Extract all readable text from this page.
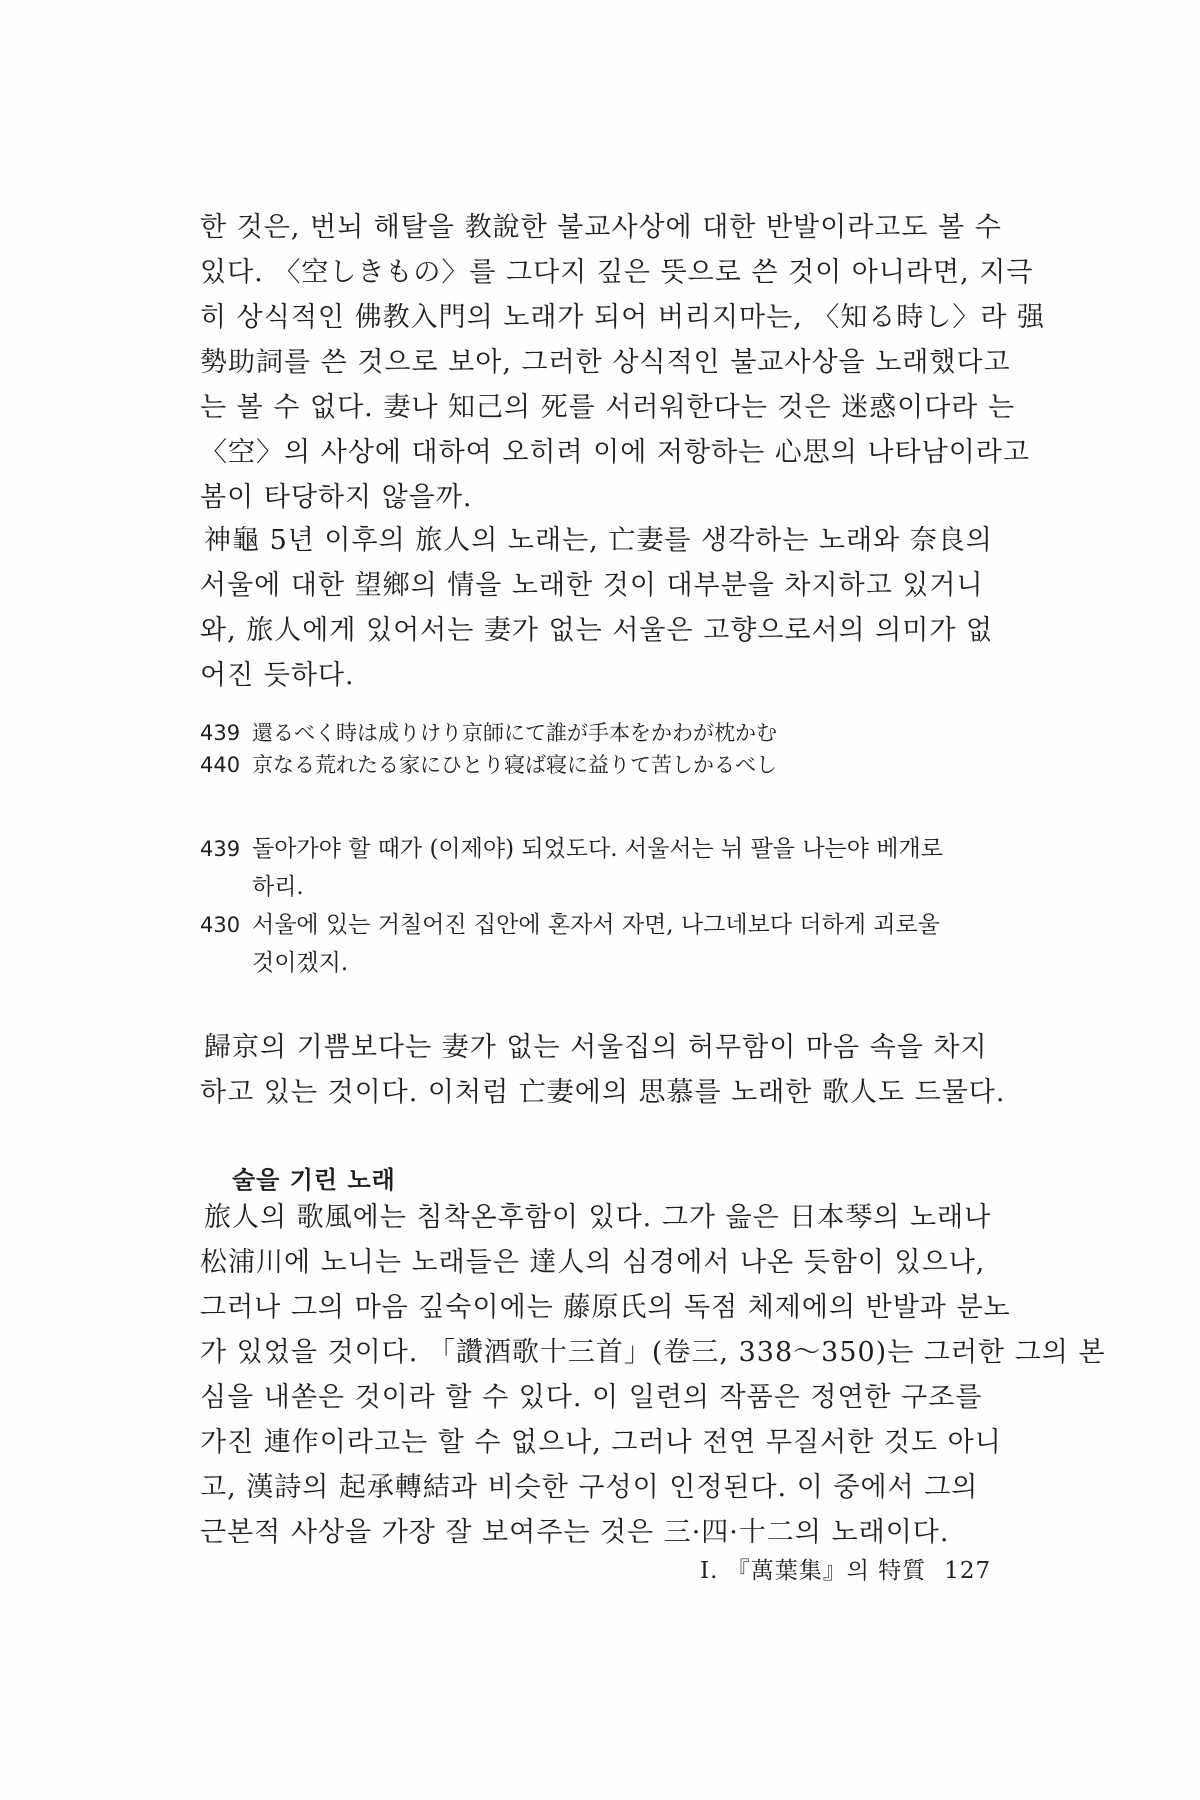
한 것은, 번뇌 해탈을 教說한 불교사상에 대한 반발이라고도 볼 수
있다. 〈空しきもの〉를 그다지 깊은 뜻으로 쓴 것이 아니라면, 지극
히 상식적인 佛教入門의 노래가 되어 버리지마는, 〈知る時し〉라 强
勢助詞를 쓴 것으로 보아, 그러한 상식적인 불교사상을 노래했다고
는 볼 수 없다. 妻나 知己의 死를 서러워한다는 것은 迷惑이다라 는
〈空〉의 사상에 대하여 오히려 이에 저항하는 心思의 나타남이라고
봄이 타당하지 않을까.
神龜 5년 이후의 旅人의 노래는, 亡妻를 생각하는 노래와 奈良의
서울에 대한 望鄉의 情을 노래한 것이 대부분을 차지하고 있거니
와, 旅人에게 있어서는 妻가 없는 서울은 고향으로서의 의미가 없
어진 듯하다.
439 還るべく時は成りけり京師にて誰が手本をかわが枕かむ
440 京なる荒れたる家にひとり寝ば寝に益りて苦しかるべし
439 돌아가야 할 때가 (이제야) 되었도다. 서울서는 뉘 팔을 나는야 베개로
하리.
430 서울에 있는 거칠어진 집안에 혼자서 자면, 나그네보다 더하게 괴로울
것이겠지.
歸京의 기쁨보다는 妻가 없는 서울집의 허무함이 마음 속을 차지
하고 있는 것이다. 이처럼 亡妻에의 思慕를 노래한 歌人도 드물다.
술을 기린 노래
旅人의 歌風에는 침착온후함이 있다. 그가 읊은 日本琴의 노래나
松浦川에 노니는 노래들은 達人의 심경에서 나온 듯함이 있으나,
그러나 그의 마음 깊숙이에는 藤原氏의 독점 체제에의 반발과 분노
가 있었을 것이다. 「讚酒歌十三首」(卷三, 338〜350)는 그러한 그의 본
심을 내쏟은 것이라 할 수 있다. 이 일련의 작품은 정연한 구조를
가진 連作이라고는 할 수 없으나, 그러나 전연 무질서한 것도 아니
고, 漢詩의 起承轉結과 비슷한 구성이 인정된다. 이 중에서 그의
근본적 사상을 가장 잘 보여주는 것은 三·四·十二의 노래이다.
I. 『萬葉集』의 特質 127
